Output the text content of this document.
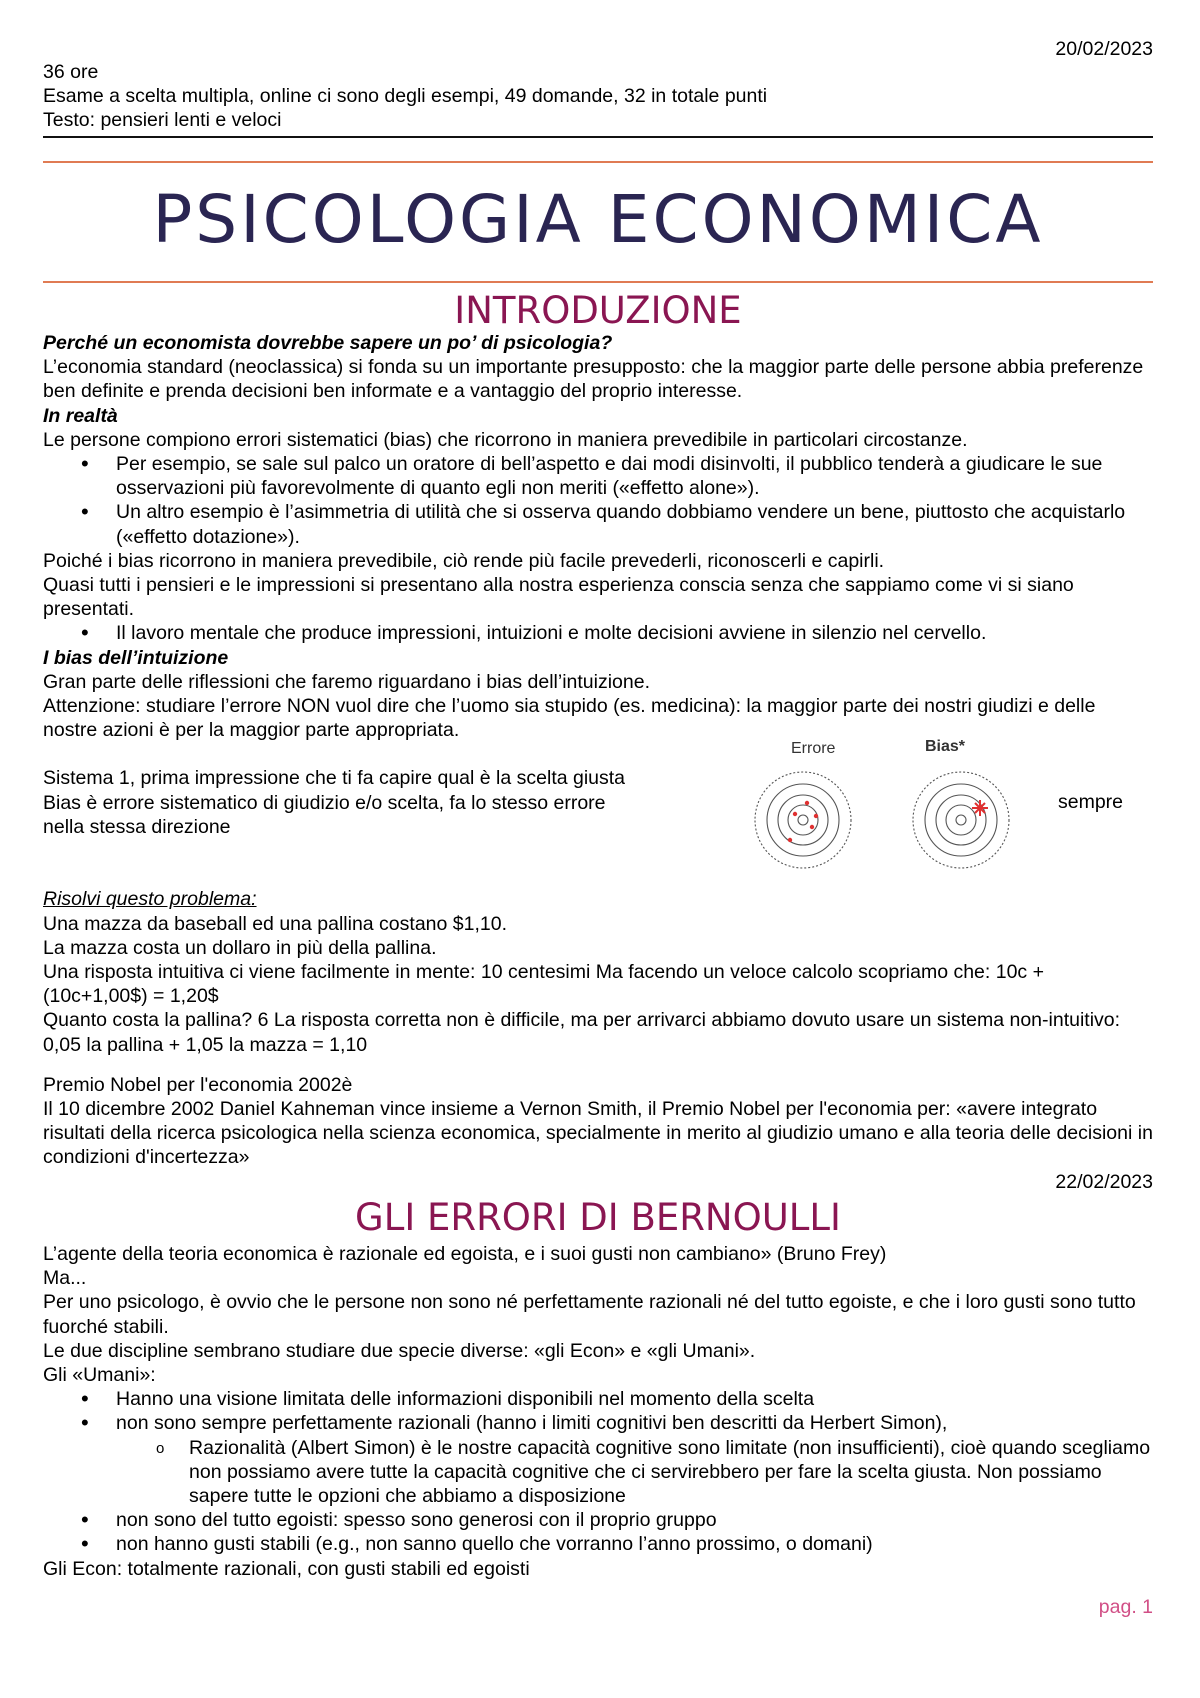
20/02/2023

36 ore

Esame a scelta multipla, online ci sono degli esempi, 49 domande, 32 in totale punti

Testo: pensieri lenti e veloci

PSICOLOGIA ECONOMICA
INTRODUZIONE

Perché un economista dovrebbe sapere un po’ di psicologia?

L’economia standard (neoclassica) si fonda su un importante presupposto: che la maggior parte delle persone abbia preferenze ben definite e prenda decisioni ben informate e a vantaggio del proprio interesse.

In realtà

Le persone compiono errori sistematici (bias) che ricorrono in maniera prevedibile in particolari circostanze.

• Per esempio, se sale sul palco un oratore di bell’aspetto e dai modi disinvolti, il pubblico tenderà a giudicare le sue osservazioni più favorevolmente di quanto egli non meriti («effetto alone»).
• Un altro esempio è l’asimmetria di utilità che si osserva quando dobbiamo vendere un bene, piuttosto che acquistarlo («effetto dotazione»).

Poiché i bias ricorrono in maniera prevedibile, ciò rende più facile prevederli, riconoscerli e capirli.

Quasi tutti i pensieri e le impressioni si presentano alla nostra esperienza conscia senza che sappiamo come vi si siano presentati.

• Il lavoro mentale che produce impressioni, intuizioni e molte decisioni avviene in silenzio nel cervello.

I bias dell’intuizione

Gran parte delle riflessioni che faremo riguardano i bias dell’intuizione.

Attenzione: studiare l’errore NON vuol dire che l’uomo sia stupido (es. medicina): la maggior parte dei nostri giudizi e delle nostre azioni è per la maggior parte appropriata.

Sistema 1, prima impressione che ti fa capire qual è la scelta giusta

Bias è errore sistematico di giudizio e/o scelta, fa lo stesso errore

nella stessa direzione

sempre
Errore	Bias*

Risolvi questo problema:

Una mazza da baseball ed una pallina costano $1,10.

La mazza costa un dollaro in più della pallina.

Una risposta intuitiva ci viene facilmente in mente: 10 centesimi Ma facendo un veloce calcolo scopriamo che: 10c + (10c+1,00$) = 1,20$

Quanto costa la pallina? 6 La risposta corretta non è difficile, ma per arrivarci abbiamo dovuto usare un sistema non-intuitivo: 0,05 la pallina + 1,05 la mazza = 1,10

Premio Nobel per l'economia 2002è

Il 10 dicembre 2002 Daniel Kahneman vince insieme a Vernon Smith, il Premio Nobel per l'economia per: «avere integrato risultati della ricerca psicologica nella scienza economica, specialmente in merito al giudizio umano e alla teoria delle decisioni in condizioni d'incertezza»

22/02/2023

GLI ERRORI DI BERNOULLI

L’agente della teoria economica è razionale ed egoista, e i suoi gusti non cambiano» (Bruno Frey)

Ma...

Per uno psicologo, è ovvio che le persone non sono né perfettamente razionali né del tutto egoiste, e che i loro gusti sono tutto fuorché stabili.

Le due discipline sembrano studiare due specie diverse: «gli Econ» e «gli Umani».

Gli «Umani»:

• Hanno una visione limitata delle informazioni disponibili nel momento della scelta
• non sono sempre perfettamente razionali (hanno i limiti cognitivi ben descritti da Herbert Simon),
o Razionalità (Albert Simon) è le nostre capacità cognitive sono limitate (non insufficienti), cioè quando scegliamo non possiamo avere tutte la capacità cognitive che ci servirebbero per fare la scelta giusta. Non possiamo sapere tutte le opzioni che abbiamo a disposizione
• non sono del tutto egoisti: spesso sono generosi con il proprio gruppo
• non hanno gusti stabili (e.g., non sanno quello che vorranno l’anno prossimo, o domani)

Gli Econ: totalmente razionali, con gusti stabili ed egoisti

pag. 1
